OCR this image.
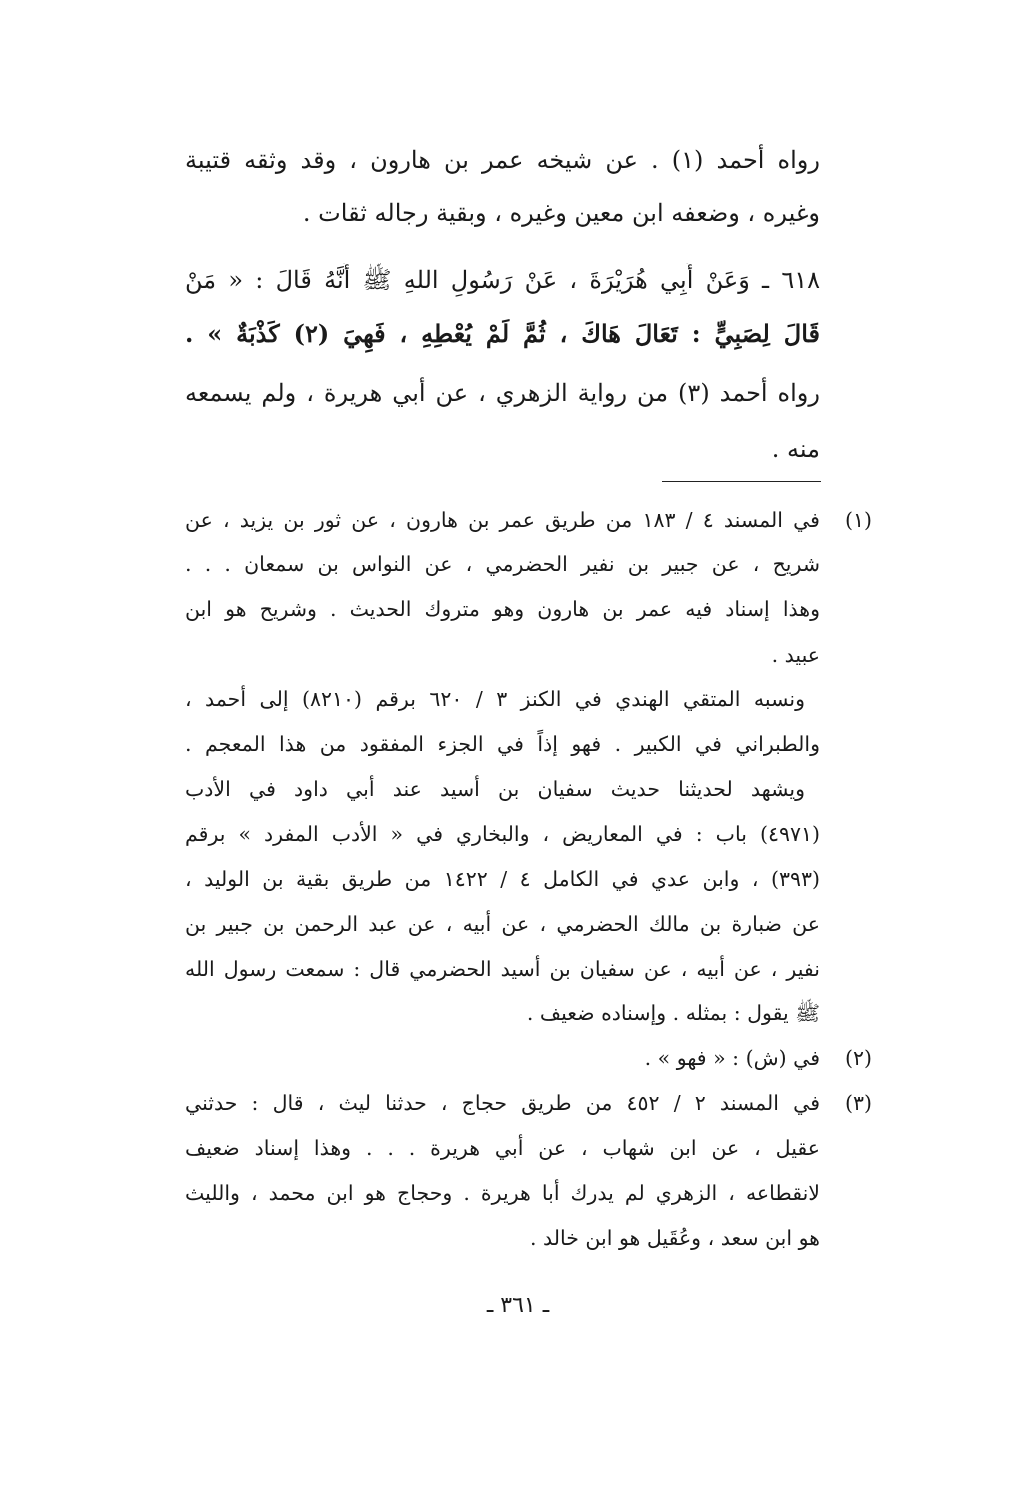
رواه أحمد (١) . عن شيخه عمر بن هارون ، وقد وثقه قتيبة
وغيره ، وضعفه ابن معين وغيره ، وبقية رجاله ثقات .
٦١٨ ـ وَعَنْ أَبِي هُرَيْرَةَ ، عَنْ رَسُولِ اللهِ ﷺ أَنَّهُ قَالَ : « مَنْ
قَالَ لِصَبِيٍّ : تَعَالَ هَاكَ ، ثُمَّ لَمْ يُعْطِهِ ، فَهِيَ (٢) كَذْبَةٌ » .
رواه أحمد (٣) من رواية الزهري ، عن أبي هريرة ، ولم يسمعه
منه .
(١)
في المسند ٤ / ١٨٣ من طريق عمر بن هارون ، عن ثور بن يزيد ، عن
شريح ، عن جبير بن نفير الحضرمي ، عن النواس بن سمعان . . .
وهذا إسناد فيه عمر بن هارون وهو متروك الحديث . وشريح هو ابن
عبيد .
ونسبه المتقي الهندي في الكنز ٣ / ٦٢٠ برقم (٨٢١٠) إلى أحمد ،
والطبراني في الكبير . فهو إذاً في الجزء المفقود من هذا المعجم .
ويشهد لحديثنا حديث سفيان بن أسيد عند أبي داود في الأدب
(٤٩٧١) باب : في المعاريض ، والبخاري في « الأدب المفرد » برقم
(٣٩٣) ، وابن عدي في الكامل ٤ / ١٤٢٢ من طريق بقية بن الوليد ،
عن ضبارة بن مالك الحضرمي ، عن أبيه ، عن عبد الرحمن بن جبير بن
نفير ، عن أبيه ، عن سفيان بن أسيد الحضرمي قال : سمعت رسول الله
ﷺ يقول : بمثله . وإسناده ضعيف .
(٢)
في (ش) : « فهو » .
(٣)
في المسند ٢ / ٤٥٢ من طريق حجاج ، حدثنا ليث ، قال : حدثني
عقيل ، عن ابن شهاب ، عن أبي هريرة . . . وهذا إسناد ضعيف
لانقطاعه ، الزهري لم يدرك أبا هريرة . وحجاج هو ابن محمد ، والليث
هو ابن سعد ، وعُقَيل هو ابن خالد .
ـ ٣٦١ ـ
